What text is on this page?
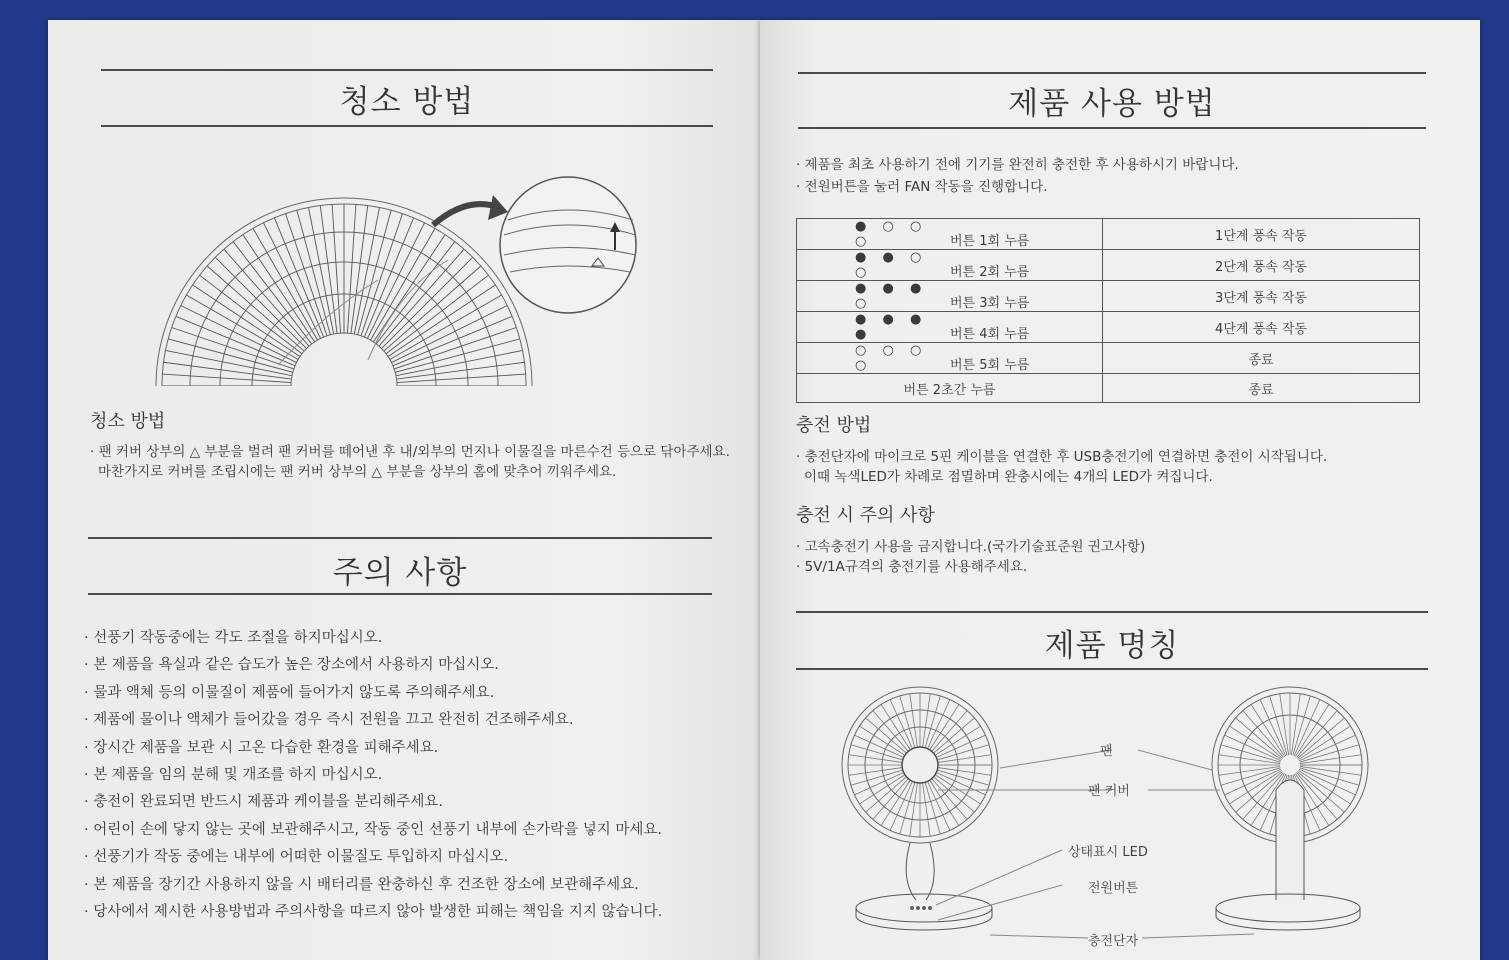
청소 방법
청소 방법
· 팬 커버 상부의 △ 부분을 벌려 팬 커버를 떼어낸 후 내/외부의 먼지나 이물질을 마른수건 등으로 닦아주세요.
마찬가지로 커버를 조립시에는 팬 커버 상부의 △ 부분을 상부의 홈에 맞추어 끼워주세요.
주의 사항
· 선풍기 작동중에는 각도 조절을 하지마십시오.
· 본 제품을 욕실과 같은 습도가 높은 장소에서 사용하지 마십시오.
· 물과 액체 등의 이물질이 제품에 들어가지 않도록 주의해주세요.
· 제품에 물이나 액체가 들어갔을 경우 즉시 전원을 끄고 완전히 건조해주세요.
· 장시간 제품을 보관 시 고온 다습한 환경을 피해주세요.
· 본 제품을 임의 분해 및 개조를 하지 마십시오.
· 충전이 완료되면 반드시 제품과 케이블을 분리해주세요.
· 어린이 손에 닿지 않는 곳에 보관해주시고, 작동 중인 선풍기 내부에 손가락을 넣지 마세요.
· 선풍기가 작동 중에는 내부에 어떠한 이물질도 투입하지 마십시오.
· 본 제품을 장기간 사용하지 않을 시 배터리를 완충하신 후 건조한 장소에 보관해주세요.
· 당사에서 제시한 사용방법과 주의사항을 따르지 않아 발생한 피해는 책임을 지지 않습니다.
제품 사용 방법
· 제품을 최초 사용하기 전에 기기를 완전히 충전한 후 사용하시기 바랍니다.
· 전원버튼을 눌러 FAN 작동을 진행합니다.
● ○ ○ ○ 버튼 1회 누름	1단계 풍속 작동
● ● ○ ○ 버튼 2회 누름	2단계 풍속 작동
● ● ● ○ 버튼 3회 누름	3단계 풍속 작동
● ● ● ● 버튼 4회 누름	4단계 풍속 작동
○ ○ ○ ○ 버튼 5회 누름	종료
버튼 2초간 누름	종료
충전 방법
· 충전단자에 마이크로 5핀 케이블을 연결한 후 USB충전기에 연결하면 충전이 시작됩니다.
이때 녹색LED가 차례로 점멸하며 완충시에는 4개의 LED가 켜집니다.
충전 시 주의 사항
· 고속충전기 사용을 금지합니다.(국가기술표준원 권고사항)
· 5V/1A규격의 충전기를 사용해주세요.
제품 명칭
팬
팬 커버
상태표시 LED
전원버튼
충전단자
